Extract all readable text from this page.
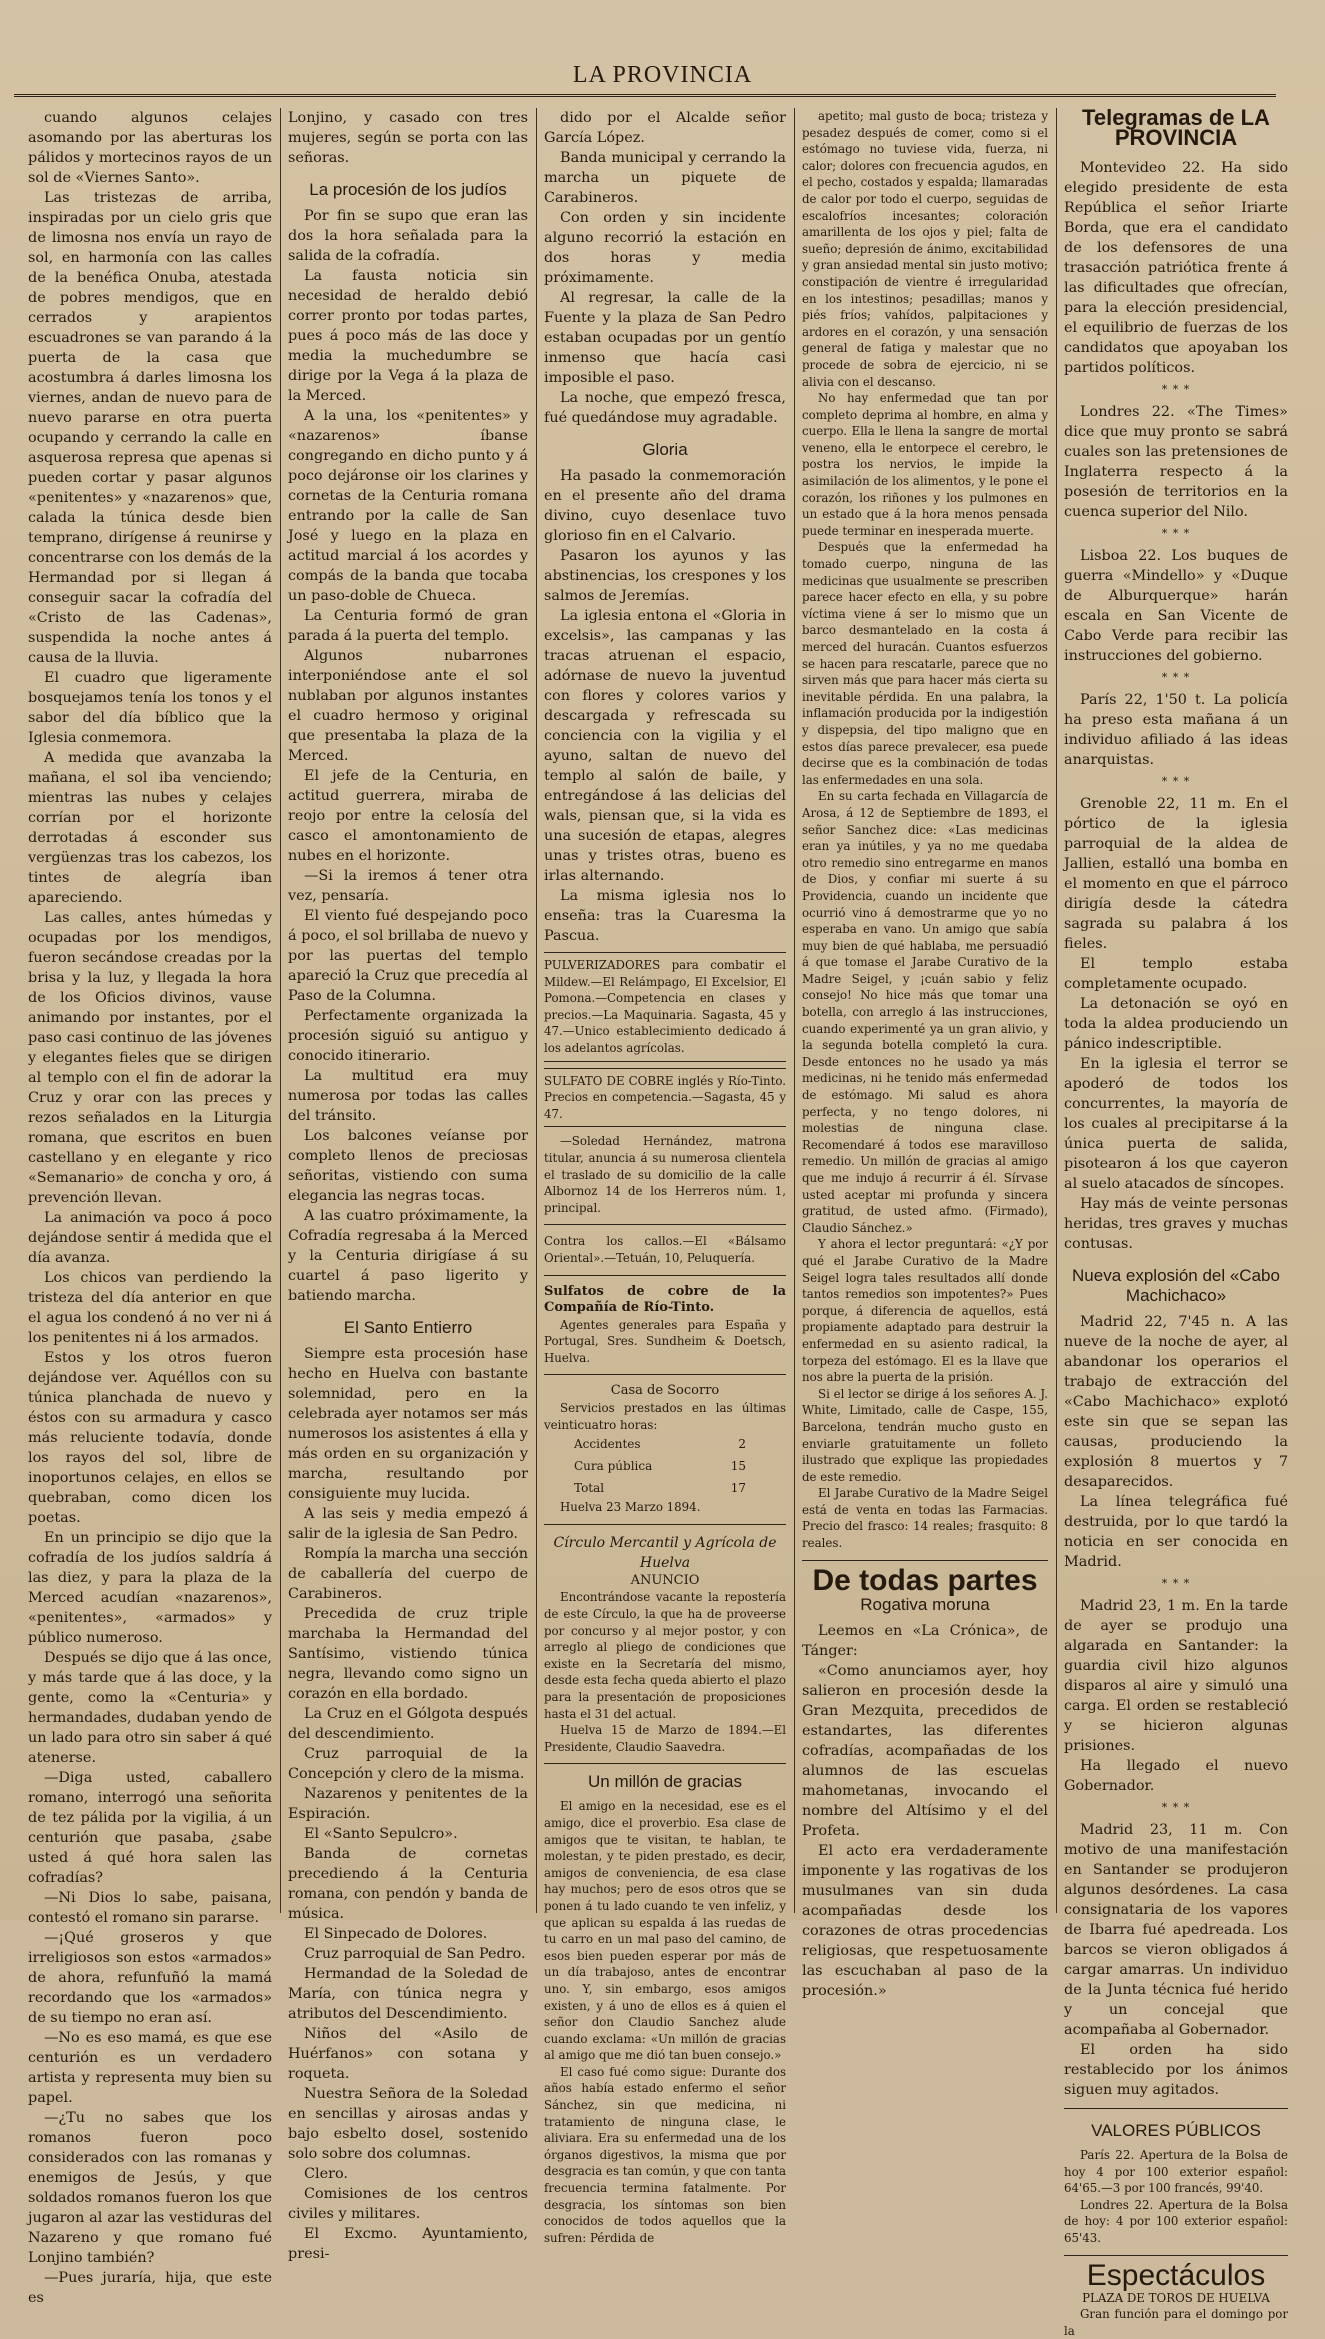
LA PROVINCIA

cuando algunos celajes asomando por las aberturas los pálidos y mortecinos rayos de un sol de «Viernes Santo».

Las tristezas de arriba, inspiradas por un cielo gris que de limosna nos envía un rayo de sol, en harmonía con las calles de la benéfica Onuba, atestada de pobres mendigos, que en cerrados y arapientos escuadrones se van parando á la puerta de la casa que acostumbra á darles limosna los viernes, andan de nuevo para de nuevo pararse en otra puerta ocupando y cerrando la calle en asquerosa represa que apenas si pueden cortar y pasar algunos «penitentes» y «nazarenos» que, calada la túnica desde bien temprano, dirígense á reunirse y concentrarse con los demás de la Hermandad por si llegan á conseguir sacar la cofradía del «Cristo de las Cadenas», suspendida la noche antes á causa de la lluvia.

El cuadro que ligeramente bosquejamos tenía los tonos y el sabor del día bíblico que la Iglesia conmemora.

A medida que avanzaba la mañana, el sol iba venciendo; mientras las nubes y celajes corrían por el horizonte derrotadas á esconder sus vergüenzas tras los cabezos, los tintes de alegría iban apareciendo.

Las calles, antes húmedas y ocupadas por los mendigos, fueron secándose creadas por la brisa y la luz, y llegada la hora de los Oficios divinos, vause animando por instantes, por el paso casi continuo de las jóvenes y elegantes fieles que se dirigen al templo con el fin de adorar la Cruz y orar con las preces y rezos señalados en la Liturgia romana, que escritos en buen castellano y en elegante y rico «Semanario» de concha y oro, á prevención llevan.

La animación va poco á poco dejándose sentir á medida que el día avanza.

Los chicos van perdiendo la tristeza del día anterior en que el agua los condenó á no ver ni á los penitentes ni á los armados.

Estos y los otros fueron dejándose ver. Aquéllos con su túnica planchada de nuevo y éstos con su armadura y casco más reluciente todavía, donde los rayos del sol, libre de inoportunos celajes, en ellos se quebraban, como dicen los poetas.

En un principio se dijo que la cofradía de los judíos saldría á las diez, y para la plaza de la Merced acudían «nazarenos», «penitentes», «armados» y público numeroso.

Después se dijo que á las once, y más tarde que á las doce, y la gente, como la «Centuria» y hermandades, dudaban yendo de un lado para otro sin saber á qué atenerse.

—Diga usted, caballero romano, interrogó una señorita de tez pálida por la vigilia, á un centurión que pasaba, ¿sabe usted á qué hora salen las cofradías?

—Ni Dios lo sabe, paisana, contestó el romano sin pararse.

—¡Qué groseros y que irreligiosos son estos «armados» de ahora, refunfuñó la mamá recordando que los «armados» de su tiempo no eran así.

—No es eso mamá, es que ese centurión es un verdadero artista y representa muy bien su papel.

—¿Tu no sabes que los romanos fueron poco considerados con las romanas y enemigos de Jesús, y que soldados romanos fueron los que jugaron al azar las vestiduras del Nazareno y que romano fué Lonjino también?

—Pues juraría, hija, que este es

Lonjino, y casado con tres mujeres, según se porta con las señoras.

La procesión de los judíos

Por fin se supo que eran las dos la hora señalada para la salida de la cofradía.

La fausta noticia sin necesidad de heraldo debió correr pronto por todas partes, pues á poco más de las doce y media la muchedumbre se dirige por la Vega á la plaza de la Merced.

A la una, los «penitentes» y «nazarenos» íbanse congregando en dicho punto y á poco dejáronse oir los clarines y cornetas de la Centuria romana entrando por la calle de San José y luego en la plaza en actitud marcial á los acordes y compás de la banda que tocaba un paso-doble de Chueca.

La Centuria formó de gran parada á la puerta del templo.

Algunos nubarrones interponiéndose ante el sol nublaban por algunos instantes el cuadro hermoso y original que presentaba la plaza de la Merced.

El jefe de la Centuria, en actitud guerrera, miraba de reojo por entre la celosía del casco el amontonamiento de nubes en el horizonte.

—Si la iremos á tener otra vez, pensaría.

El viento fué despejando poco á poco, el sol brillaba de nuevo y por las puertas del templo apareció la Cruz que precedía al Paso de la Columna.

Perfectamente organizada la procesión siguió su antiguo y conocido itinerario.

La multitud era muy numerosa por todas las calles del tránsito.

Los balcones veíanse por completo llenos de preciosas señoritas, vistiendo con suma elegancia las negras tocas.

A las cuatro próximamente, la Cofradía regresaba á la Merced y la Centuria dirigíase á su cuartel á paso ligerito y batiendo marcha.

El Santo Entierro

Siempre esta procesión hase hecho en Huelva con bastante solemnidad, pero en la celebrada ayer notamos ser más numerosos los asistentes á ella y más orden en su organización y marcha, resultando por consiguiente muy lucida.

A las seis y media empezó á salir de la iglesia de San Pedro.

Rompía la marcha una sección de caballería del cuerpo de Carabineros.

Precedida de cruz triple marchaba la Hermandad del Santísimo, vistiendo túnica negra, llevando como signo un corazón en ella bordado.

La Cruz en el Gólgota después del descendimiento.

Cruz parroquial de la Concepción y clero de la misma.

Nazarenos y penitentes de la Espiración.

El «Santo Sepulcro».

Banda de cornetas precediendo á la Centuria romana, con pendón y banda de música.

El Sinpecado de Dolores.

Cruz parroquial de San Pedro.

Hermandad de la Soledad de María, con túnica negra y atributos del Descendimiento.

Niños del «Asilo de Huérfanos» con sotana y roqueta.

Nuestra Señora de la Soledad en sencillas y airosas andas y bajo esbelto dosel, sostenido solo sobre dos columnas.

Clero.

Comisiones de los centros civiles y militares.

El Excmo. Ayuntamiento, presi-

dido por el Alcalde señor García López.

Banda municipal y cerrando la marcha un piquete de Carabineros.

Con orden y sin incidente alguno recorrió la estación en dos horas y media próximamente.

Al regresar, la calle de la Fuente y la plaza de San Pedro estaban ocupadas por un gentío inmenso que hacía casi imposible el paso.

La noche, que empezó fresca, fué quedándose muy agradable.

Gloria

Ha pasado la conmemoración en el presente año del drama divino, cuyo desenlace tuvo glorioso fin en el Calvario.

Pasaron los ayunos y las abstinencias, los crespones y los salmos de Jeremías.

La iglesia entona el «Gloria in excelsis», las campanas y las tracas atruenan el espacio, adórnase de nuevo la juventud con flores y colores varios y descargada y refrescada su conciencia con la vigilia y el ayuno, saltan de nuevo del templo al salón de baile, y entregándose á las delicias del wals, piensan que, si la vida es una sucesión de etapas, alegres unas y tristes otras, bueno es irlas alternando.

La misma iglesia nos lo enseña: tras la Cuaresma la Pascua.

PULVERIZADORES para combatir el Mildew.—El Relámpago, El Excelsior, El Pomona.—Competencia en clases y precios.—La Maquinaria. Sagasta, 45 y 47.—Unico establecimiento dedicado á los adelantos agrícolas.

SULFATO DE COBRE inglés y Río-Tinto. Precios en competencia.—Sagasta, 45 y 47.

—Soledad Hernández, matrona titular, anuncia á su numerosa clientela el traslado de su domicilio de la calle Albornoz 14 de los Herreros núm. 1, principal.

Contra los callos.—El «Bálsamo Oriental».—Tetuán, 10, Peluquería.

Sulfatos de cobre de la Compañía de Río-Tinto.

Agentes generales para España y Portugal, Sres. Sundheim & Doetsch, Huelva.

Casa de Socorro

Servicios prestados en las últimas veinticuatro horas:

Accidentes	2
Cura pública	15
Total	17

Huelva 23 Marzo 1894.

Círculo Mercantil y Agrícola de Huelva
ANUNCIO

Encontrándose vacante la repostería de este Círculo, la que ha de proveerse por concurso y al mejor postor, y con arreglo al pliego de condiciones que existe en la Secretaría del mismo, desde esta fecha queda abierto el plazo para la presentación de proposiciones hasta el 31 del actual.

Huelva 15 de Marzo de 1894.—El Presidente, Claudio Saavedra.

Un millón de gracias

El amigo en la necesidad, ese es el amigo, dice el proverbio. Esa clase de amigos que te visitan, te hablan, te molestan, y te piden prestado, es decir, amigos de conveniencia, de esa clase hay muchos; pero de esos otros que se ponen á tu lado cuando te ven infeliz, y que aplican su espalda á las ruedas de tu carro en un mal paso del camino, de esos bien pueden esperar por más de un día trabajoso, antes de encontrar uno. Y, sin embargo, esos amigos existen, y á uno de ellos es á quien el señor don Claudio Sanchez alude cuando exclama: «Un millón de gracias al amigo que me dió tan buen consejo.»

El caso fué como sigue: Durante dos años había estado enfermo el señor Sánchez, sin que medicina, ni tratamiento de ninguna clase, le aliviara. Era su enfermedad una de los órganos digestivos, la misma que por desgracia es tan común, y que con tanta frecuencia termina fatalmente. Por desgracia, los síntomas son bien conocidos de todos aquellos que la sufren: Pérdida de

apetito; mal gusto de boca; tristeza y pesadez después de comer, como si el estómago no tuviese vida, fuerza, ni calor; dolores con frecuencia agudos, en el pecho, costados y espalda; llamaradas de calor por todo el cuerpo, seguidas de escalofríos incesantes; coloración amarillenta de los ojos y piel; falta de sueño; depresión de ánimo, excitabilidad y gran ansiedad mental sin justo motivo; constipación de vientre é irregularidad en los intestinos; pesadillas; manos y piés fríos; vahídos, palpitaciones y ardores en el corazón, y una sensación general de fatiga y malestar que no procede de sobra de ejercicio, ni se alivia con el descanso.

No hay enfermedad que tan por completo deprima al hombre, en alma y cuerpo. Ella le llena la sangre de mortal veneno, ella le entorpece el cerebro, le postra los nervios, le impide la asimilación de los alimentos, y le pone el corazón, los riñones y los pulmones en un estado que á la hora menos pensada puede terminar en inesperada muerte.

Después que la enfermedad ha tomado cuerpo, ninguna de las medicinas que usualmente se prescriben parece hacer efecto en ella, y su pobre víctima viene á ser lo mismo que un barco desmantelado en la costa á merced del huracán. Cuantos esfuerzos se hacen para rescatarle, parece que no sirven más que para hacer más cierta su inevitable pérdida. En una palabra, la inflamación producida por la indigestión y dispepsia, del tipo maligno que en estos días parece prevalecer, esa puede decirse que es la combinación de todas las enfermedades en una sola.

En su carta fechada en Villagarcía de Arosa, á 12 de Septiembre de 1893, el señor Sanchez dice: «Las medicinas eran ya inútiles, y ya no me quedaba otro remedio sino entregarme en manos de Dios, y confiar mi suerte á su Providencia, cuando un incidente que ocurrió vino á demostrarme que yo no esperaba en vano. Un amigo que sabía muy bien de qué hablaba, me persuadió á que tomase el Jarabe Curativo de la Madre Seigel, y ¡cuán sabio y feliz consejo! No hice más que tomar una botella, con arreglo á las instrucciones, cuando experimenté ya un gran alivio, y la segunda botella completó la cura. Desde entonces no he usado ya más medicinas, ni he tenido más enfermedad de estómago. Mi salud es ahora perfecta, y no tengo dolores, ni molestias de ninguna clase. Recomendaré á todos ese maravilloso remedio. Un millón de gracias al amigo que me indujo á recurrir á él. Sírvase usted aceptar mi profunda y sincera gratitud, de usted afmo. (Firmado), Claudio Sánchez.»

Y ahora el lector preguntará: «¿Y por qué el Jarabe Curativo de la Madre Seigel logra tales resultados allí donde tantos remedios son impotentes?» Pues porque, á diferencia de aquellos, está propiamente adaptado para destruir la enfermedad en su asiento radical, la torpeza del estómago. El es la llave que nos abre la puerta de la prisión.

Si el lector se dirige á los señores A. J. White, Limitado, calle de Caspe, 155, Barcelona, tendrán mucho gusto en enviarle gratuitamente un folleto ilustrado que explique las propiedades de este remedio.

El Jarabe Curativo de la Madre Seigel está de venta en todas las Farmacias. Precio del frasco: 14 reales; frasquito: 8 reales.

De todas partes
Rogativa moruna

Leemos en «La Crónica», de Tánger:

«Como anunciamos ayer, hoy salieron en procesión desde la Gran Mezquita, precedidos de estandartes, las diferentes cofradías, acompañadas de los alumnos de las escuelas mahometanas, invocando el nombre del Altísimo y el del Profeta.

El acto era verdaderamente imponente y las rogativas de los musulmanes van sin duda acompañadas desde los corazones de otras procedencias religiosas, que respetuosamente las escuchaban al paso de la procesión.»

Telegramas de LA PROVINCIA

Montevideo 22. Ha sido elegido presidente de esta República el señor Iriarte Borda, que era el candidato de los defensores de una trasacción patriótica frente á las dificultades que ofrecían, para la elección presidencial, el equilibrio de fuerzas de los candidatos que apoyaban los partidos políticos.

* * *

Londres 22. «The Times» dice que muy pronto se sabrá cuales son las pretensiones de Inglaterra respecto á la posesión de territorios en la cuenca superior del Nilo.

* * *

Lisboa 22. Los buques de guerra «Mindello» y «Duque de Alburquerque» harán escala en San Vicente de Cabo Verde para recibir las instrucciones del gobierno.

* * *

París 22, 1'50 t. La policía ha preso esta mañana á un individuo afiliado á las ideas anarquistas.

* * *

Grenoble 22, 11 m. En el pórtico de la iglesia parroquial de la aldea de Jallien, estalló una bomba en el momento en que el párroco dirigía desde la cátedra sagrada su palabra á los fieles.

El templo estaba completamente ocupado.

La detonación se oyó en toda la aldea produciendo un pánico indescriptible.

En la iglesia el terror se apoderó de todos los concurrentes, la mayoría de los cuales al precipitarse á la única puerta de salida, pisotearon á los que cayeron al suelo atacados de síncopes.

Hay más de veinte personas heridas, tres graves y muchas contusas.

Nueva explosión del «Cabo Machichaco»

Madrid 22, 7'45 n. A las nueve de la noche de ayer, al abandonar los operarios el trabajo de extracción del «Cabo Machichaco» explotó este sin que se sepan las causas, produciendo la explosión 8 muertos y 7 desaparecidos.

La línea telegráfica fué destruida, por lo que tardó la noticia en ser conocida en Madrid.

* * *

Madrid 23, 1 m. En la tarde de ayer se produjo una algarada en Santander: la guardia civil hizo algunos disparos al aire y simuló una carga. El orden se restableció y se hicieron algunas prisiones.

Ha llegado el nuevo Gobernador.

* * *

Madrid 23, 11 m. Con motivo de una manifestación en Santander se produjeron algunos desórdenes. La casa consignataria de los vapores de Ibarra fué apedreada. Los barcos se vieron obligados á cargar amarras. Un individuo de la Junta técnica fué herido y un concejal que acompañaba al Gobernador.

El orden ha sido restablecido por los ánimos siguen muy agitados.

VALORES PÚBLICOS

París 22. Apertura de la Bolsa de hoy 4 por 100 exterior español: 64'65.—3 por 100 francés, 99'40.

Londres 22. Apertura de la Bolsa de hoy: 4 por 100 exterior español: 65'43.

Espectáculos
PLAZA DE TOROS DE HUELVA

Gran función para el domingo por la
